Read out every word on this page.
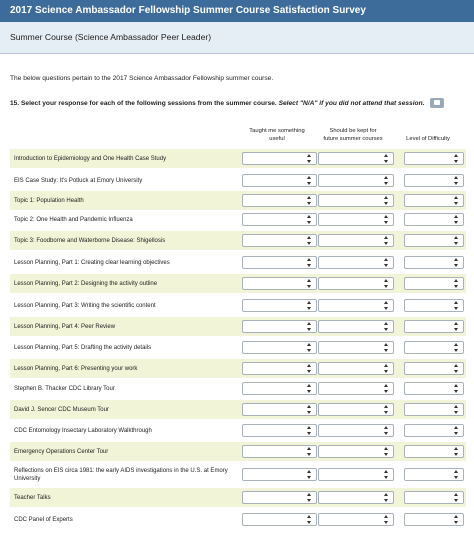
2017 Science Ambassador Fellowship Summer Course Satisfaction Survey
Summer Course (Science Ambassador Peer Leader)
The below questions pertain to the 2017 Science Ambassador Fellowship summer course.
15. Select your response for each of the following sessions from the summer course. Select "N/A" if you did not attend that session.
Taught me something
useful
Should be kept for
future summer courses	Level of Difficulty
Introduction to Epidemiology and One Health Case Study
EIS Case Study: It's Potluck at Emory University
Topic 1: Population Health
Topic 2: One Health and Pandemic Influenza
Topic 3: Foodborne and Waterborne Disease: Shigellosis
Lesson Planning, Part 1: Creating clear learning objectives
Lesson Planning, Part 2: Designing the activity outline
Lesson Planning, Part 3: Writing the scientific content
Lesson Planning, Part 4: Peer Review
Lesson Planning, Part 5: Drafting the activity details
Lesson Planning, Part 6: Presenting your work
Stephen B. Thacker CDC Library Tour
David J. Sencer CDC Museum Tour
CDC Entomology Insectary Laboratory Walkthrough
Emergency Operations Center Tour
Reflections on EIS circa 1981: the early AIDS investigations in the U.S. at Emory University
Teacher Talks
CDC Panel of Experts
